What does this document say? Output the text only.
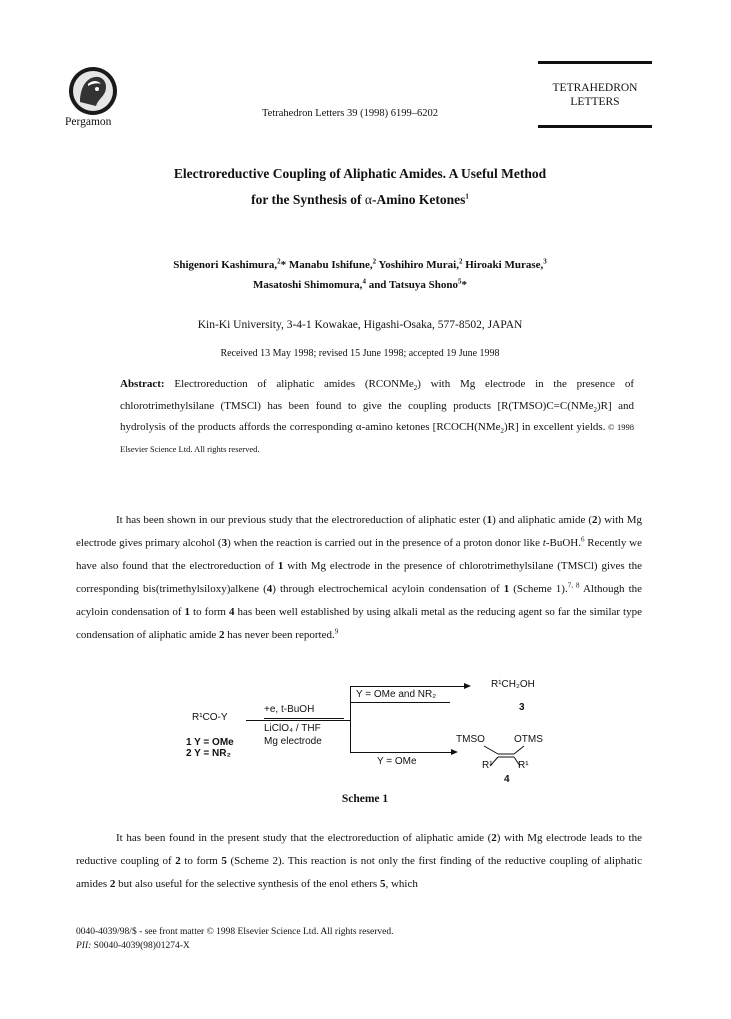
Pergamon
Tetrahedron Letters 39 (1998) 6199–6202
TETRAHEDRON
LETTERS
Electroreductive Coupling of Aliphatic Amides. A Useful Method
for the Synthesis of α-Amino Ketones$^1$
Shigenori Kashimura,$^2$* Manabu Ishifune,$^2$ Yoshihiro Murai,$^2$ Hiroaki Murase,$^3$
Masatoshi Shimomura,$^4$ and Tatsuya Shono$^5$*
Kin-Ki University, 3-4-1 Kowakae, Higashi-Osaka, 577-8502, JAPAN
Received 13 May 1998; revised 15 June 1998; accepted 19 June 1998
Abstract: Electroreduction of aliphatic amides (RCONMe$_2$) with Mg electrode in the presence of chlorotrimethylsilane (TMSCl) has been found to give the coupling products [R(TMSO)C=C(NMe$_2$)R] and hydrolysis of the products affords the corresponding α-amino ketones [RCOCH(NMe$_2$)R] in excellent yields. © 1998 Elsevier Science Ltd. All rights reserved.

It has been shown in our previous study that the electroreduction of aliphatic ester (1) and aliphatic amide (2) with Mg electrode gives primary alcohol (3) when the reaction is carried out in the presence of a proton donor like t-BuOH.$^6$ Recently we have also found that the electroreduction of 1 with Mg electrode in the presence of chlorotrimethylsilane (TMSCl) gives the corresponding bis(trimethylsiloxy)alkene (4) through electrochemical acyloin condensation of 1 (Scheme 1).$^{7, 8}$ Although the acyloin condensation of 1 to form 4 has been well established by using alkali metal as the reducing agent so far the similar type condensation of aliphatic amide 2 has never been reported.$^9$

R¹CO-Y
1 Y = OMe
2 Y = NR₂
+e, t-BuOH
LiClO₄ / THF
Mg electrode
Y = OMe and NR₂
Y = OMe
R¹CH₂OH
3
TMSO	OTMS
R¹	R¹
4
Scheme 1

It has been found in the present study that the electroreduction of aliphatic amide (2) with Mg electrode leads to the reductive coupling of 2 to form 5 (Scheme 2). This reaction is not only the first finding of the reductive coupling of aliphatic amides 2 but also useful for the selective synthesis of the enol ethers 5, which

0040-4039/98/$ - see front matter © 1998 Elsevier Science Ltd. All rights reserved.
PII: S0040-4039(98)01274-X
